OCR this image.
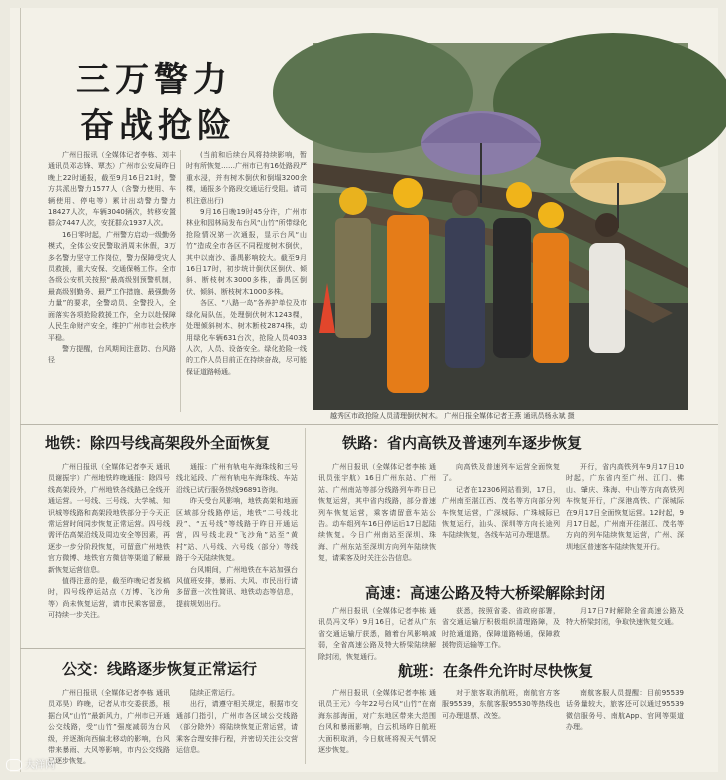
三万警力
奋战抢险

广州日报讯（全媒体记者李栋、刘丰 通讯员邓志锋、覃杰）广州市公安局昨日晚上22时通报，截至9月16日21时，警方共派出警力1577人（含警力使用、车辆使用、停电等）累计出动警力警力18427人次，车辆3040辆次，转移安置群众7447人次，安抚群众1937人次。

16日零时起，广州警方启动一级勤务模式，全体公安民警取消周末休假，3万多名警力坚守工作岗位，警力保障受灾人员救援，重大安保、交通保畅工作。全市各级公安机关按照“最高级别预警机制，最高级别勤务、最严工作措施、最强勤务力量”的要求，全警动员、全警投入，全面落实各项抢险救援工作，全力以赴保障人民生命财产安全，维护广州市社会秩序平稳。

警方提醒，台风期间注意防、台风路径

(当前和后续台风将持续影响，暂时有所恢复……广州市已有16处路段严重水浸，并有树木倒伏和倒塌3200余棵，通报多个路段交通运行受阻。请司机注意出行)

9月16日晚19时45分许，广州市林业和园林局发布台风“山竹”所带绿化抢险情况第一次通报，显示台风“山竹”造成全市各区不同程度树木倒伏，其中以南沙、番禺影响较大。截至9月16日17时，初步统计倒伏区倒伏、倾斜、断枝树木3000多株，番禺区倒伏、倾斜、断枝树木1000多株。

各区、“八路一岛”各养护单位及市绿化局队伍，处理倒伏树木1243棵，处理倾斜树木、树木断枝2874株，动用绿化车辆631台次，抢险人员4033人次，人员、设备安全。绿化抢险一线的工作人员目前正在持续奋战，尽可能保证道路畅通。

越秀区市政抢险人员清理倒伏树木。 广州日报全媒体记者王燕 通讯员杨永斌 摄
地铁：除四号线高架段外全面恢复

广州日报讯（全媒体记者李天 通讯员谢振宇）广州地铁昨晚通报：除四号线高架段外，广州地铁各线路已全线开通运营。一号线、三号线、大学城、知识城等线路和高架段地铁部分于今天正常运营时间同步恢复正常运营。四号线需评估高架沿线及周边安全等因素，再逐步一步分阶段恢复，可留意广州地铁官方微博、地铁官方微信等渠道了解最新恢复运营信息。

值得注意的是，截至昨晚记者发稿时，四号线停运站点（万博、飞沙角等）尚未恢复运营，请市民乘客留意，可持续一步关注。

通报：广州有轨电车海珠线和三号线北延段、广州有轨电车海珠线、车站沿线已试行服务热线96891咨询。

昨天受台风影响，地铁高架和地面区域部分线路停运，地铁“二号线北段”、“五号线”等线路于昨日开通运营，四号线北段“飞沙角”站至“黄村”站、八号线、六号线（部分）等线路于今天陆续恢复。

台风期间，广州地铁在车站加强台风值班安排，暴雨、大风、市民出行请多留意一次性简讯、地铁动态等信息，提前规划出行。

铁路：省内高铁及普速列车逐步恢复

广州日报讯（全媒体记者李栋 通讯员张宇航）16日广州东站、广州站、广州南站等部分线路列车昨日已恢复运营，其中省内线路，部分普速列车恢复运营，乘客请留意车站公告。动车组列车16日停运后17日起陆续恢复。今日广州南站至深圳、珠海、广州东站至深圳方向列车陆续恢复，请乘客及时关注公告信息。

向高铁及普速列车运营全面恢复了。

记者在12306网站看到，17日，广州南至湛江西、茂名等方向部分列车恢复运营，广深城际、广珠城际已恢复运行，汕头、深圳等方向长途列车陆续恢复，各线车站可办理退票。

开行，省内高铁列车9月17日10时起，广东省内至广州、江门、佛山、肇庆、珠海、中山等方向高铁列车恢复开行，广深港高铁、广深城际在9月17日全面恢复运营。12时起，9月17日起，广州南开往湛江、茂名等方向的列车陆续恢复运营，广州、深圳地区普速客车陆续恢复开行。

高速：高速公路及特大桥梁解除封闭

广州日报讯（全媒体记者李栋 通讯员冯文华）9月16日，记者从广东省交通运输厅获悉，随着台风影响减弱，全省高速公路及特大桥梁陆续解除封闭，恢复通行。

获悉，按照省委、省政府部署，省交通运输厅积极组织清理路障，及时抢通道路，保障道路畅通，保障救援物资运输等工作。

月17日7时解除全省高速公路及特大桥梁封闭，争取快速恢复交通。

公交：线路逐步恢复正常运行

广州日报讯（全媒体记者李栋 通讯员邓昊）昨晚，记者从市交委获悉，根据台风“山竹”最新风力，广州市已开通公交线路，受“山竹”强度减弱为台风级，并逐渐向西偏北移动的影响，台风带来暴雨、大风等影响，市内公交线路已逐步恢复。

陆续正常运行。

出行，请遵守相关规定，根据市交通部门指引，广州市各区域公交线路（部分除外）将陆续恢复正常运营，请乘客合理安排行程，并密切关注公交营运信息。

航班：在条件允许时尽快恢复

广州日报讯（全媒体记者李栋 通讯员王元）今年22号台风“山竹”在南海东部海面，对广东地区带来大范围台风和暴雨影响，白云机场昨日航班大面积取消，今日航班将视天气情况逐步恢复。

对于旅客取消航班，南航官方客服95539，东航客服95530等热线也可办理退票、改签。

南航客服人员提醒：目前95539话务量较大，旅客还可以通过95539微信服务号、南航App、官网等渠道办理。

大洋网
